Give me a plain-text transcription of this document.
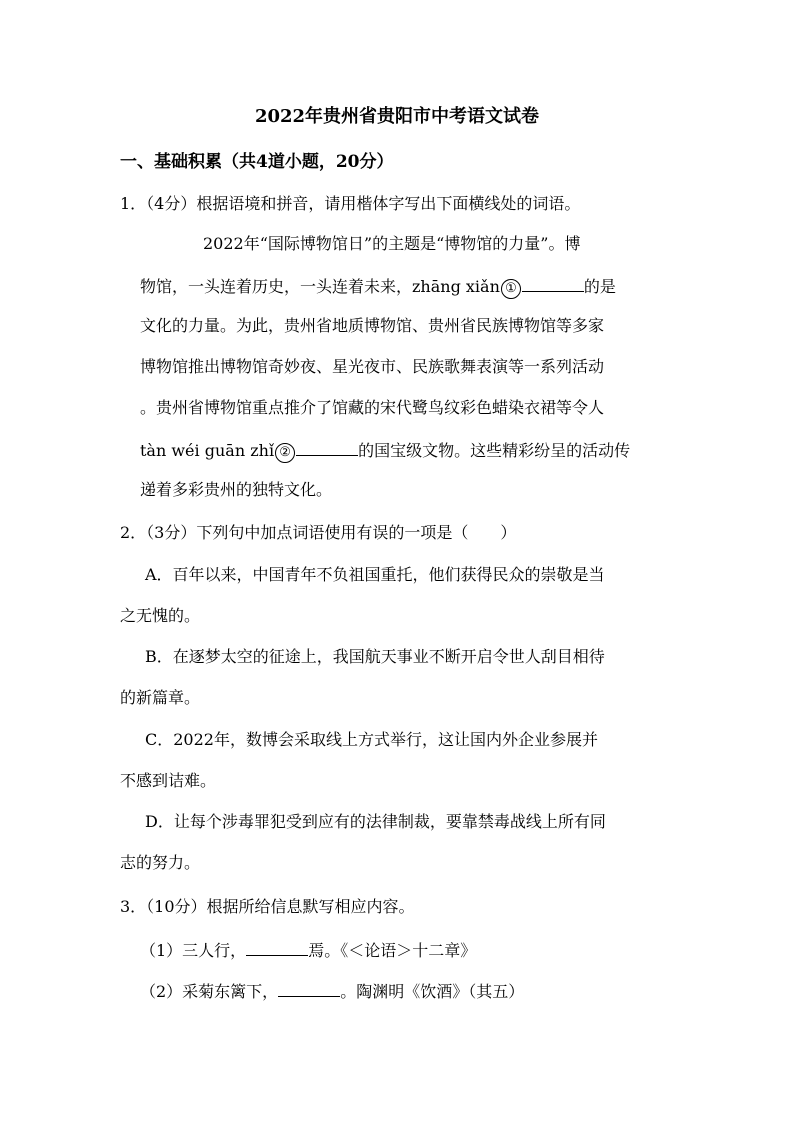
2022年贵州省贵阳市中考语文试卷
一、基础积累（共4道小题，20分）
1．（4分）根据语境和拼音，请用楷体字写出下面横线处的词语。
2022年“国际博物馆日”的主题是“博物馆的力量”。博
物馆，一头连着历史，一头连着未来，zhāng xiǎn ①	的是
文化的力量。为此，贵州省地质博物馆、贵州省民族博物馆等多家
博物馆推出博物馆奇妙夜、星光夜市、民族歌舞表演等一系列活动
。贵州省博物馆重点推介了馆藏的宋代鹭鸟纹彩色蜡染衣裙等令人
tàn wéi guān zhǐ ②	的国宝级文物。这些精彩纷呈的活动传
递着多彩贵州的独特文化。
2．（3分）下列句中加点词语使用有误的一项是（　　）
A．百年以来，中国青年不负祖国重托，他们获得民众的崇敬是当
之无愧的。
B．在逐梦太空的征途上，我国航天事业不断开启令世人刮目相待
的新篇章。
C．2022年，数博会采取线上方式举行，这让国内外企业参展并
不感到诘难。
D．让每个涉毒罪犯受到应有的法律制裁，要靠禁毒战线上所有同
志的努力。
3．（10分）根据所给信息默写相应内容。
（1）三人行，	焉。《＜论语＞十二章》
（2）采菊东篱下，	。陶渊明《饮酒》（其五）
